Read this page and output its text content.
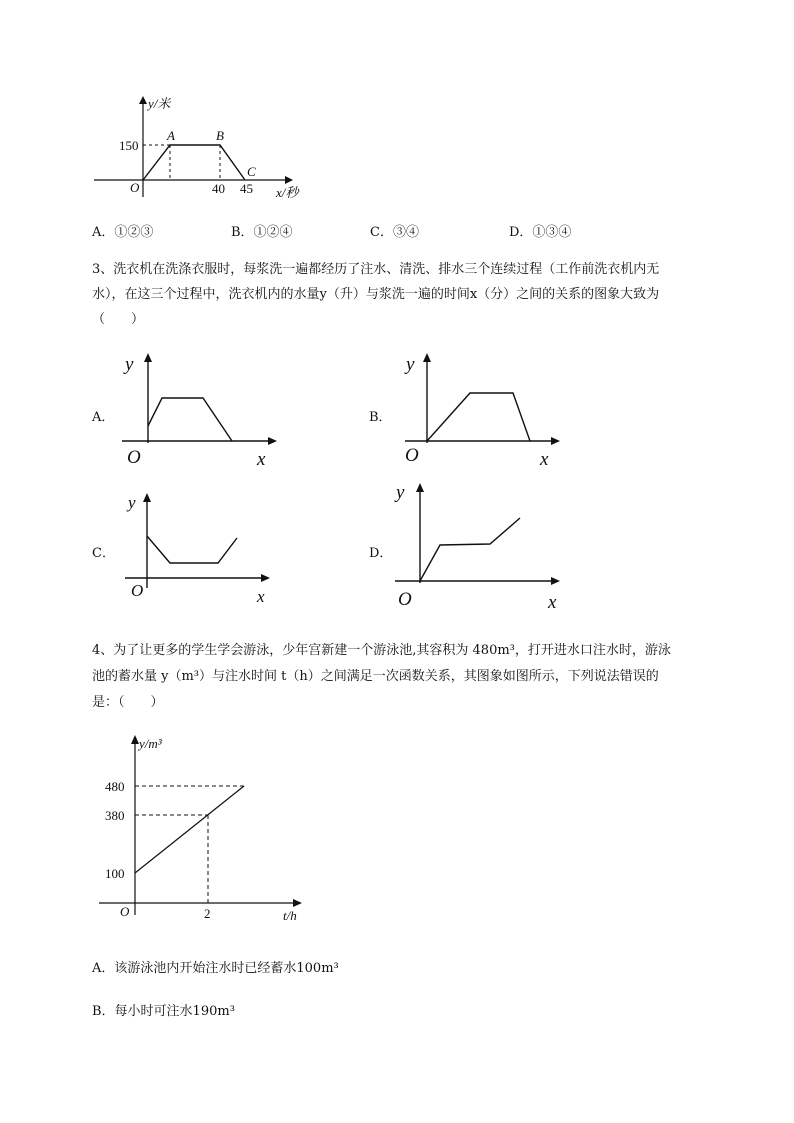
y/米
x/秒
O
A	B
C
150
40 45
A．①②③	B．①②④	C．③④	D．①③④
3、洗衣机在洗涤衣服时，每浆洗一遍都经历了注水、清洗、排水三个连续过程（工作前洗衣机内无
水），在这三个过程中，洗衣机内的水量y（升）与浆洗一遍的时间x（分）之间的关系的图象大致为
（　　）
A．
y
x
O
B．
y
x
O
C．
y
x
O
D．
y
x
O
4、为了让更多的学生学会游泳，少年宫新建一个游泳池,其容积为 480m³，打开进水口注水时，游泳
池的蓄水量 y（m³）与注水时间 t（h）之间满足一次函数关系，其图象如图所示，下列说法错误的
是：（　　）
y/m³
t/h
O
480
380
100
2
A．该游泳池内开始注水时已经蓄水100m³
B．每小时可注水190m³
